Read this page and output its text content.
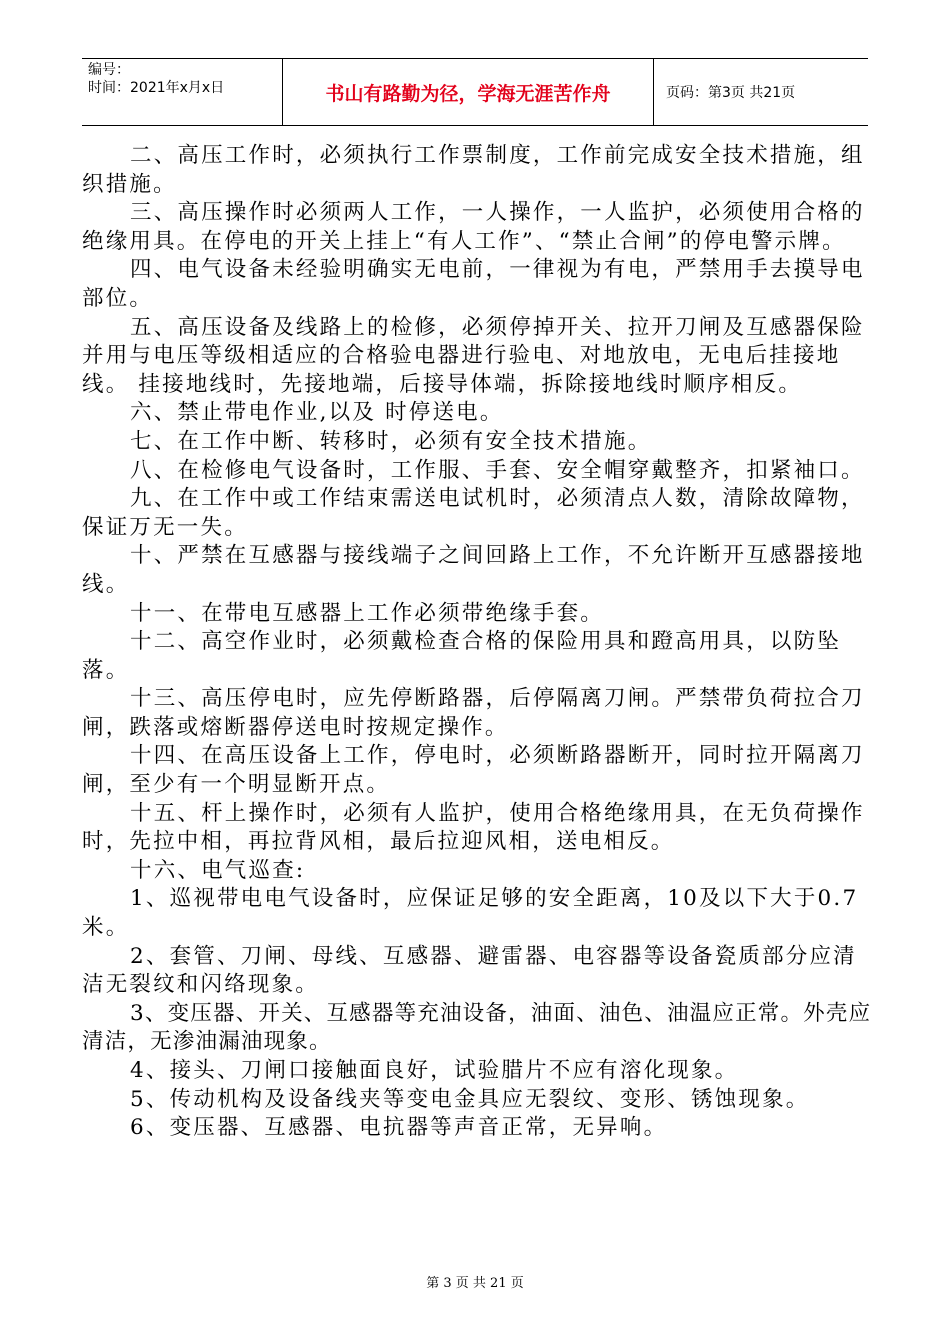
编号：
时间：2021年x月x日	书山有路勤为径，学海无涯苦作舟	页码：第3页 共21页

二、高压工作时，必须执行工作票制度，工作前完成安全技术措施，组织措施。

三、高压操作时必须两人工作，一人操作，一人监护，必须使用合格的绝缘用具。在停电的开关上挂上“有人工作”、“禁止合闸”的停电警示牌。

四、电气设备未经验明确实无电前，一律视为有电，严禁用手去摸导电部位。

五、高压设备及线路上的检修，必须停掉开关、拉开刀闸及互感器保险并用与电压等级相适应的合格验电器进行验电、对地放电，无电后挂接地线。 挂接地线时，先接地端，后接导体端，拆除接地线时顺序相反。

六、禁止带电作业,以及 时停送电。

七、在工作中断、转移时，必须有安全技术措施。

八、在检修电气设备时，工作服、手套、安全帽穿戴整齐，扣紧袖口。

九、在工作中或工作结束需送电试机时，必须清点人数，清除故障物，保证万无一失。

十、严禁在互感器与接线端子之间回路上工作，不允许断开互感器接地线。

十一、在带电互感器上工作必须带绝缘手套。

十二、高空作业时，必须戴检查合格的保险用具和蹬高用具，以防坠落。

十三、高压停电时，应先停断路器，后停隔离刀闸。严禁带负荷拉合刀闸，跌落或熔断器停送电时按规定操作。

十四、在高压设备上工作，停电时，必须断路器断开，同时拉开隔离刀闸，至少有一个明显断开点。

十五、杆上操作时，必须有人监护，使用合格绝缘用具，在无负荷操作时，先拉中相，再拉背风相，最后拉迎风相，送电相反。

十六、电气巡查:

1、巡视带电电气设备时，应保证足够的安全距离，10及以下大于0.7米。

2、套管、刀闸、母线、互感器、避雷器、电容器等设备瓷质部分应清洁无裂纹和闪络现象。

3、变压器、开关、互感器等充油设备，油面、油色、油温应正常。外壳应清洁，无渗油漏油现象。

4、接头、刀闸口接触面良好，试验腊片不应有溶化现象。

5、传动机构及设备线夹等变电金具应无裂纹、变形、锈蚀现象。

6、变压器、互感器、电抗器等声音正常，无异响。

第 3 页 共 21 页
